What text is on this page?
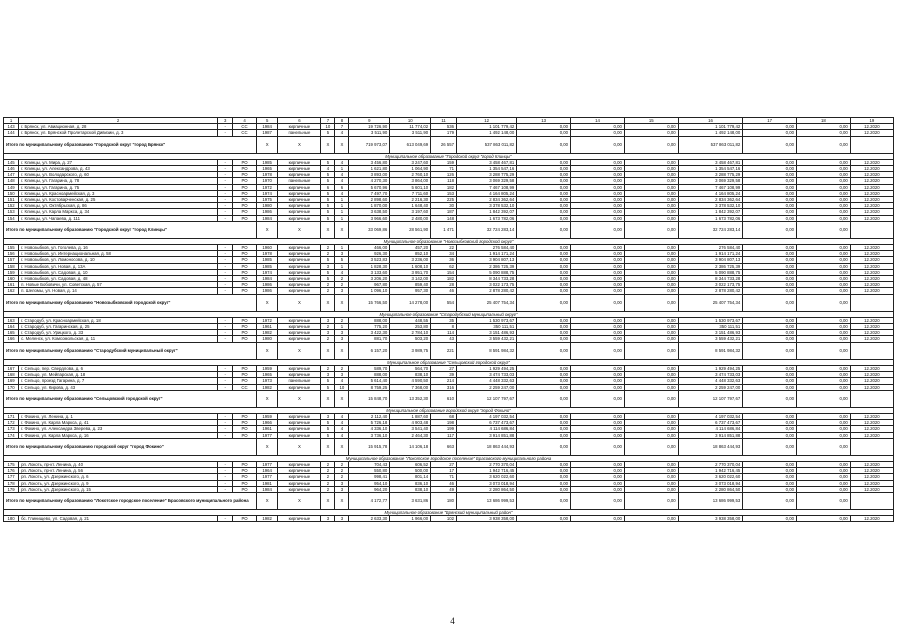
1	2	3	4	5	6	7	8	9	10	11	12	13	14	15	16	17	18	19
143	г. Брянск, ул. Авиационная, д. 28	-	СС	1984	кирпичные	10	7	19 726,90	11 774,02	536	1 101 779,42	0,00	0,00	0,00	1 101 779,42	0,00	0,00	12.2020
144	г. Брянск, ул. Брянской Пролетарской Дивизии, д. 3	-	СС	1987	панельные	5	4	3 511,90	3 511,90	179	1 492 148,00	0,00	0,00	0,00	1 492 148,00	0,00	0,00	12.2020
Итого по муниципальному образованию "Городской округ "город Брянск"				Х	Х	Х	Х	719 973,07	613 049,69	26 557	537 863 011,82	0,00	0,00	0,00	537 863 011,82	0,00	0,00	
Муниципальное образование "Городской округ "город Клинцы"																		
145	г. Клинцы, ул. Мира, д. 27	-	РО	1985	кирпичные	5	4	3 456,80	3 247,60	159	3 458 467,81	0,00	0,00	0,00	3 458 467,81	0,00	0,00	12.2020
146	г. Клинцы, ул. Александрова, д. 43	-	РО	1965	кирпичные	4	1	1 621,80	1 064,90	71	1 354 547,16	0,00	0,00	0,00	1 354 547,16	0,00	0,00	12.2020
147	г. Клинцы, ул. Володарского, д. 60	-	РО	1978	кирпичные	5	4	3 893,00	2 760,10	126	3 288 775,29	0,00	0,00	0,00	3 288 775,29	0,00	0,00	12.2020
148	г. Клинцы, ул. Гагарина, д. 78	-	РО	1970	панельные	5	4	4 270,30	3 864,00	118	3 069 329,58	0,00	0,00	0,00	3 069 329,58	0,00	0,00	12.2020
149	г. Клинцы, ул. Гагарина, д. 75	-	РО	1972	кирпичные	6	6	5 670,96	5 601,10	182	7 467 108,99	0,00	0,00	0,00	7 467 108,99	0,00	0,00	12.2020
150	г. Клинцы, ул. Красноармейская, д. 3	-	РО	1974	кирпичные	5	4	7 497,70	7 711,60	153	4 164 805,24	0,00	0,00	0,00	4 164 805,24	0,00	0,00	12.2020
151	г. Клинцы, ул. Костоварченская, д. 25	-	РО	1975	кирпичные	5	1	2 898,60	2 216,30	225	2 834 362,64	0,00	0,00	0,00	2 834 362,64	0,00	0,00	12.2020
152	г. Клинцы, ул. Октябрьская, д. 86	-	РО	1980	кирпичные	5	1	1 870,00	1 648,40	30	3 378 532,10	0,00	0,00	0,00	3 378 532,10	0,00	0,00	12.2020
153	г. Клинцы, ул. Карла Маркса, д. 34	-	РО	1986	кирпичные	5	1	3 638,50	3 197,60	187	1 842 392,07	0,00	0,00	0,00	1 842 392,07	0,00	0,00	12.2020
154	г. Клинцы, ул. Чапаева, д. 111	-	РО	1984	кирпичные	5	1	3 966,60	2 480,00	148	1 673 782,06	0,00	0,00	0,00	1 673 782,06	0,00	0,00	12.2020
Итого по муниципальному образованию "Городской округ "город Клинцы"				Х	Х	Х	Х	33 069,86	28 561,90	1 471	32 724 283,14	0,00	0,00	0,00	32 724 283,14	0,00	0,00	
Муниципальное образование "Новозыбковский городской округ"																		
155	г. Новозыбков, ул. Гоголева, д. 16	-	РО	1960	кирпичные	2	1	466,00	457,20	22	276 584,40	0,00	0,00	0,00	276 584,40	0,00	0,00	12.2020
156	г. Новозыбков, ул. Интернациональная, д. 58	-	РО	1978	кирпичные	2	3	926,30	852,10	34	1 914 171,24	0,00	0,00	0,00	1 914 171,24	0,00	0,00	12.2020
157	г. Новозыбков, ул. Ломоносова, д. 10	-	РО	1985	кирпичные	5	5	3 523,83	3 236,00	36	3 904 807,13	0,00	0,00	0,00	3 904 807,13	0,00	0,00	12.2020
158	г. Новозыбков, ул. Новая, д. 13А	-	РО	1985	кирпичные	3	1	1 828,30	1 608,10	62	2 386 725,39	0,00	0,00	0,00	2 386 725,39	0,00	0,00	12.2020
159	г. Новозыбков, ул. Садовая, д. 10	-	РО	1974	кирпичные	5	4	3 133,60	3 951,70	154	5 090 888,75	0,00	0,00	0,00	5 090 888,75	0,00	0,00	12.2020
160	г. Новозыбков, ул. Садовая, д. 48	-	РО	1984	кирпичные	5	2	3 206,20	3 142,00	182	8 344 733,28	0,00	0,00	0,00	8 344 733,28	0,00	0,00	12.2020
161	п. Новые Бобовичи, ул. Советская, д. 57	-	РО	1986	кирпичные	2	2	967,80	859,40	28	3 022 173,75	0,00	0,00	0,00	3 022 173,75	0,00	0,00	12.2020
162	п. Шеломы, ул. Новая, д. 14	-	РО	1986	кирпичные	2	3	1 096,10	957,30	46	2 878 280,42	0,00	0,00	0,00	2 878 280,42	0,00	0,00	12.2020
Итого по муниципальному образованию "Новозыбковский городской округ"				Х	Х	Х	Х	15 766,50	14 278,00	554	25 407 754,34	0,00	0,00	0,00	25 407 754,34	0,00	0,00	
Муниципальное образование "Стародубский муниципальный округ"																		
163	г. Стародуб, ул. Красноармейская, д. 18	-	РО	1972	кирпичные	3	2	888,00	448,55	35	1 530 973,67	0,00	0,00	0,00	1 530 973,67	0,00	0,00	12.2020
164	г. Стародуб, ул. Гагаринская, д. 25	-	РО	1961	кирпичные	2	1	775,20	253,80	8	350 111,51	0,00	0,00	0,00	350 111,51	0,00	0,00	12.2020
165	г. Стародуб, ул. Урицкого, д. 33	-	РО	1982	кирпичные	3	3	3 422,30	2 784,10	114	3 151 486,93	0,00	0,00	0,00	3 151 486,93	0,00	0,00	12.2020
166	с. Меленск, ул. Комсомольская, д. 11	-	РО	1980	кирпичные	2	3	881,70	503,20	43	3 559 432,21	0,00	0,00	0,00	3 559 432,21	0,00	0,00	12.2020
Итого по муниципальному образованию "Стародубский муниципальный округ"				Х	Х	Х	Х	6 157,20	3 989,75	221	8 591 984,32	0,00	0,00	0,00	8 591 984,32	0,00	0,00	
Муниципальное образование "Сельцовский городской округ"																		
167	г. Сельцо, пер. Свердлова, д. 6	-	РО	1959	кирпичные	2	2	589,70	564,70	27	1 929 494,25	0,00	0,00	0,00	1 929 494,25	0,00	0,00	12.2020
168	г. Сельцо, ул. Мейпарская, д. 18	-	РО	1965	кирпичные	3	3	888,00	838,10	39	3 474 733,03	0,00	0,00	0,00	3 474 733,03	0,00	0,00	12.2020
169	г. Сельцо, проезд Гагарина, д. 7	-	РО	1973	панельные	5	4	5 614,40	4 590,50	214	4 448 332,63	0,00	0,00	0,00	4 448 332,63	0,00	0,00	12.2020
170	г. Сельцо, ул. Кирова, д. 43	-	СС	1982	кирпичные	5	10	8 759,25	7 368,00	316	2 259 247,00	0,00	0,00	0,00	2 259 247,00	0,00	0,00	12.2020
Итого по муниципальному образованию "Сельцовский городской округ"				Х	Х	Х	Х	15 848,70	13 352,30	610	12 107 797,67	0,00	0,00	0,00	12 107 797,67	0,00	0,00	
Муниципальное образование городской округ "город Фокино"																		
171	г. Фокино, ул. Ленина, д. 1	-	РО	1959	кирпичные	3	4	2 112,40	1 887,60	68	4 197 032,54	0,00	0,00	0,00	4 197 032,54	0,00	0,00	12.2020
172	г. Фокино, ул. Карла Маркса, д. 41	-	РО	1966	кирпичные	5	4	5 726,18	4 903,48	198	6 737 473,67	0,00	0,00	0,00	6 737 473,67	0,00	0,00	12.2020
173	г. Фокино, ул. Александра Зверева, д. 23	-	РО	1961	кирпичные	5	4	4 336,10	3 541,40	199	4 114 686,84	0,00	0,00	0,00	4 114 686,84	0,00	0,00	12.2020
174	г. Фокино, ул. Карла Маркса, д. 16	-	РО	1977	кирпичные	5	4	3 736,10	2 464,30	117	3 914 851,88	0,00	0,00	0,00	3 914 851,88	0,00	0,00	12.2020
Итого по муниципальному образованию городской округ "город Фокино"				Х	Х	Х	Х	15 915,78	14 106,18	663	18 863 444,93	0,00	0,00	0,00	18 863 444,93	0,00	0,00	
Муниципальное образование "Локотское городское поселение" Брасовского муниципального района																		
175	рп. Локоть, пр-кт. Ленина, д. 40	-	РО	1977	кирпичные	2	2	704,43	606,52	27	2 770 370,04	0,00	0,00	0,00	2 770 370,04	0,00	0,00	12.2020
176	рп. Локоть, пр-кт. Ленина, д. 56	-	РО	1964	кирпичные	2	2	550,80	500,00	17	1 942 716,45	0,00	0,00	0,00	1 942 716,45	0,00	0,00	12.2020
177	рп. Локоть, ул. Дзержинского, д. 6	-	РО	1977	кирпичные	2	2	998,41	801,14	71	3 620 022,60	0,00	0,00	0,00	3 620 022,60	0,00	0,00	12.2020
178	рп. Локоть, ул. Дзержинского, д. 9	-	РО	1981	кирпичные	2	3	954,10	836,10	46	3 073 018,94	0,00	0,00	0,00	3 073 018,94	0,00	0,00	12.2020
179	рп. Локоть, ул. Дзержинского, д. 15	-	РО	1984	кирпичные	2	3	964,20	838,10	49	2 280 864,50	0,00	0,00	0,00	2 280 864,50	0,00	0,00	12.2020
Итого по муниципальному образованию "Локотское городское поселение" Брасовского муниципального района				Х	Х	Х	Х	4 172,77	3 631,86	180	13 686 999,53	0,00	0,00	0,00	13 686 999,53	0,00	0,00	
Муниципальное образование "Брянский муниципальный район"																		
180	бс. Глинищево, ул. Садовая, д. 21	-	РО	1982	кирпичные	3	3	2 633,30	1 966,00	102	3 938 358,00	0,00	0,00	0,00	3 938 358,00	0,00	0,00	12.2020
4
